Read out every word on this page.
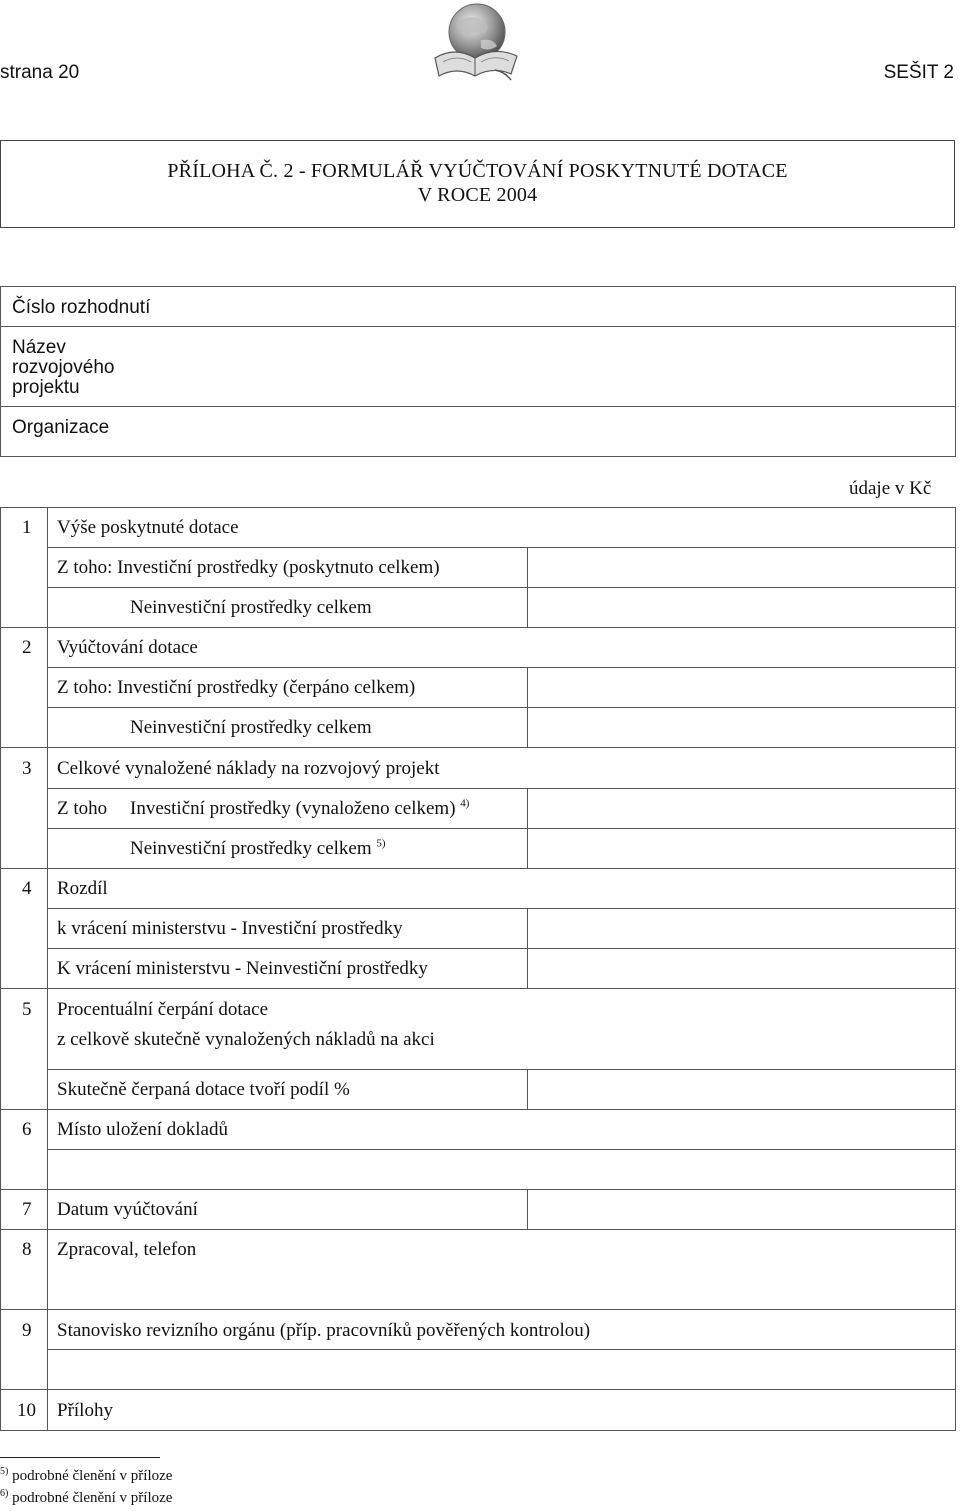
strana 20	SEŠIT 2
PŘÍLOHA Č. 2 - FORMULÁŘ VYÚČTOVÁNÍ POSKYTNUTÉ DOTACE
V ROCE 2004
Číslo rozhodnutí
Název
rozvojového
projektu
Organizace
údaje v Kč
1 Výše poskytnuté dotace
Z toho: Investiční prostředky (poskytnuto celkem)
Neinvestiční prostředky celkem
2 Vyúčtování dotace
Z toho: Investiční prostředky (čerpáno celkem)
Neinvestiční prostředky celkem
3 Celkové vynaložené náklady na rozvojový projekt
Z toho Investiční prostředky (vynaloženo celkem) $^{4)}$
Neinvestiční prostředky celkem $^{5)}$
4 Rozdíl
k vrácení ministerstvu - Investiční prostředky
K vrácení ministerstvu - Neinvestiční prostředky
5 Procentuální čerpání dotace
z celkově skutečně vynaložených nákladů na akci
Skutečně čerpaná dotace tvoří podíl %
6 Místo uložení dokladů
7 Datum vyúčtování
8 Zpracoval, telefon
9 Stanovisko revizního orgánu (příp. pracovníků pověřených kontrolou)
10 Přílohy
$^{5)}$ podrobné členění v příloze
$^{6)}$ podrobné členění v příloze
